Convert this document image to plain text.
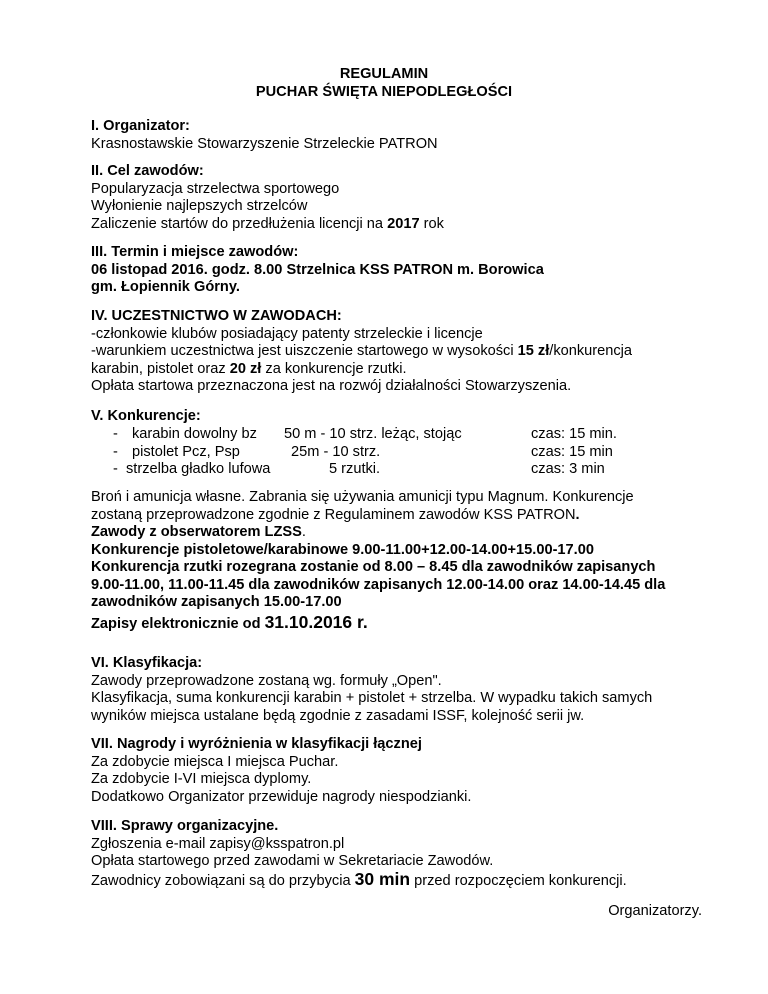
REGULAMIN
PUCHAR ŚWIĘTA NIEPODLEGŁOŚCI
I. Organizator:
Krasnostawskie Stowarzyszenie Strzeleckie PATRON
II. Cel zawodów:
Popularyzacja strzelectwa sportowego
Wyłonienie najlepszych strzelców
Zaliczenie startów do przedłużenia licencji na 2017 rok
III. Termin i miejsce zawodów:
06 listopad 2016. godz. 8.00 Strzelnica KSS PATRON m. Borowica
gm. Łopiennik Górny.
IV. UCZESTNICTWO W ZAWODACH:
-członkowie klubów posiadający patenty strzeleckie i licencje
-warunkiem uczestnictwa jest uiszczenie startowego w wysokości 15 zł/konkurencja
karabin, pistolet oraz 20 zł za konkurencje rzutki.
Opłata startowa przeznaczona jest na rozwój działalności Stowarzyszenia.
V. Konkurencje:
- karabin dowolny bz 50 m - 10 strz. leżąc, stojąc	czas: 15 min.
- pistolet Pcz, Psp	25m - 10 strz.	czas: 15 min
- strzelba gładko lufowa	5 rzutki.	czas: 3 min
Broń i amunicja własne. Zabrania się używania amunicji typu Magnum. Konkurencje
zostaną przeprowadzone zgodnie z Regulaminem zawodów KSS PATRON.
Zawody z obserwatorem LZSS.
Konkurencje pistoletowe/karabinowe 9.00-11.00+12.00-14.00+15.00-17.00
Konkurencja rzutki rozegrana zostanie od 8.00 – 8.45 dla zawodników zapisanych
9.00-11.00, 11.00-11.45 dla zawodników zapisanych 12.00-14.00 oraz 14.00-14.45 dla
zawodników zapisanych 15.00-17.00
Zapisy elektronicznie od 31.10.2016 r.
VI. Klasyfikacja:
Zawody przeprowadzone zostaną wg. formuły „Open".
Klasyfikacja, suma konkurencji karabin + pistolet + strzelba. W wypadku takich samych
wyników miejsca ustalane będą zgodnie z zasadami ISSF, kolejność serii jw.
VII. Nagrody i wyróżnienia w klasyfikacji łącznej
Za zdobycie miejsca I miejsca Puchar.
Za zdobycie I-VI miejsca dyplomy.
Dodatkowo Organizator przewiduje nagrody niespodzianki.
VIII. Sprawy organizacyjne.
Zgłoszenia e-mail zapisy@ksspatron.pl
Opłata startowego przed zawodami w Sekretariacie Zawodów.
Zawodnicy zobowiązani są do przybycia 30 min przed rozpoczęciem konkurencji.
Organizatorzy.
